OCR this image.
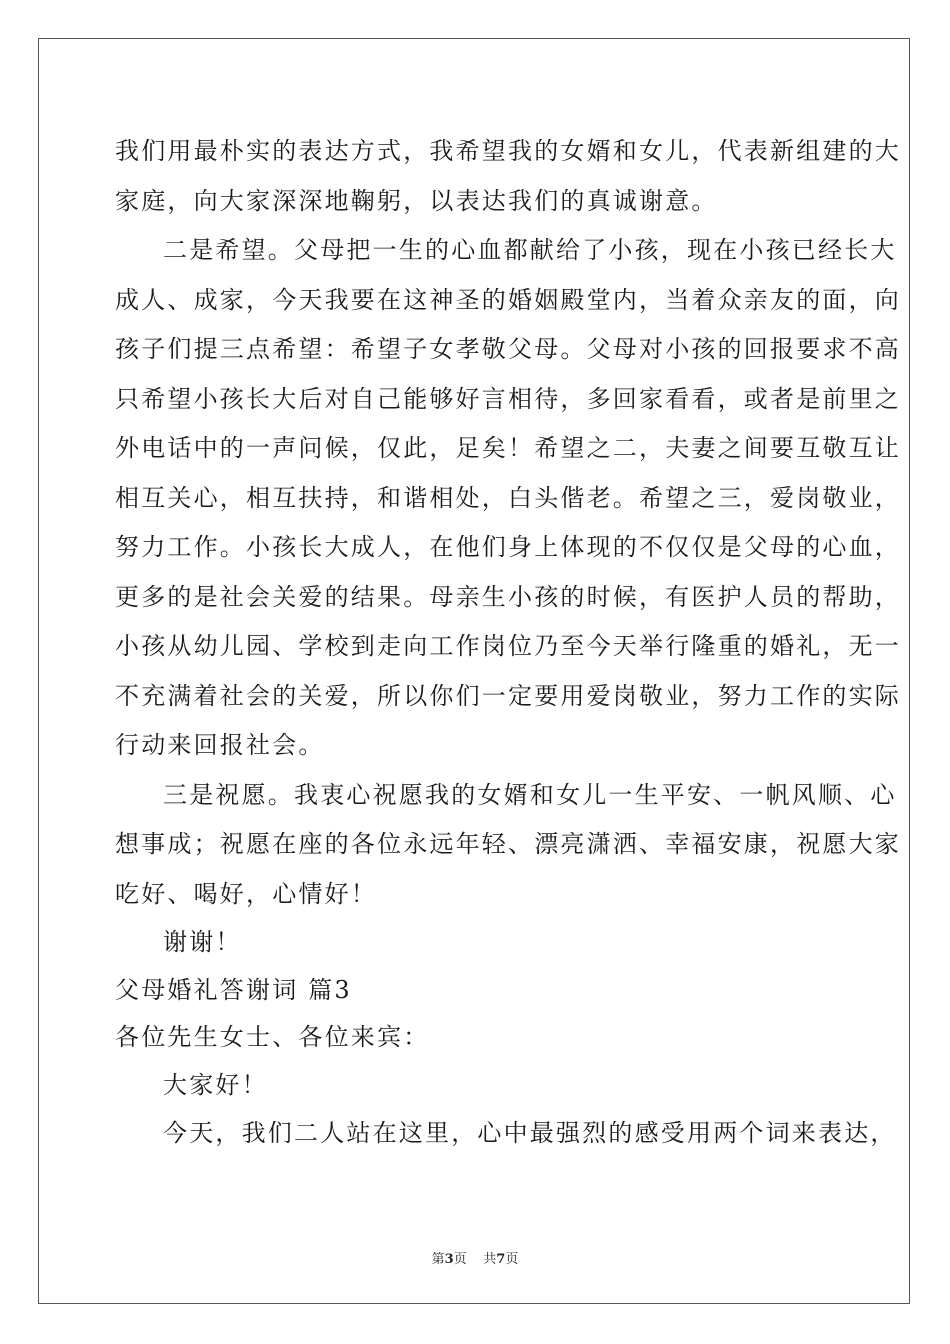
我们用最朴实的表达方式，我希望我的女婿和女儿，代表新组建的大
家庭，向大家深深地鞠躬，以表达我们的真诚谢意。
二是希望。父母把一生的心血都献给了小孩，现在小孩已经长大
成人、成家，今天我要在这神圣的婚姻殿堂内，当着众亲友的面，向
孩子们提三点希望：希望子女孝敬父母。父母对小孩的回报要求不高
只希望小孩长大后对自己能够好言相待，多回家看看，或者是前里之
外电话中的一声问候，仅此，足矣！希望之二，夫妻之间要互敬互让
相互关心，相互扶持，和谐相处，白头偕老。希望之三，爱岗敬业，
努力工作。小孩长大成人，在他们身上体现的不仅仅是父母的心血，
更多的是社会关爱的结果。母亲生小孩的时候，有医护人员的帮助，
小孩从幼儿园、学校到走向工作岗位乃至今天举行隆重的婚礼，无一
不充满着社会的关爱，所以你们一定要用爱岗敬业，努力工作的实际
行动来回报社会。
三是祝愿。我衷心祝愿我的女婿和女儿一生平安、一帆风顺、心
想事成；祝愿在座的各位永远年轻、漂亮潇洒、幸福安康，祝愿大家
吃好、喝好，心情好！
谢谢！
父母婚礼答谢词 篇3
各位先生女士、各位来宾：
大家好！
今天，我们二人站在这里，心中最强烈的感受用两个词来表达，
第3页 共7页
